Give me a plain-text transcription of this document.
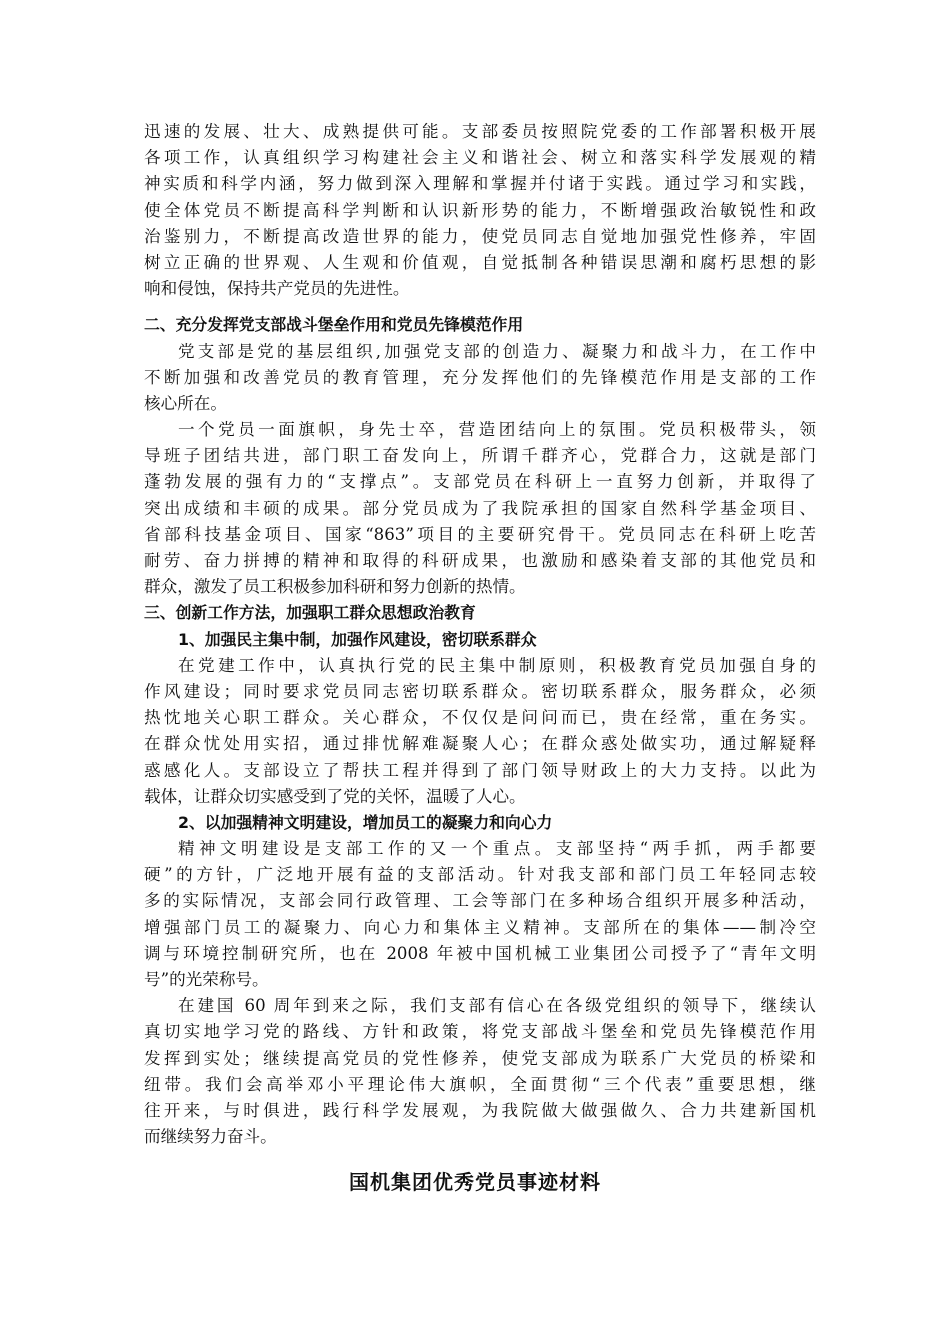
迅速的发展、壮大、成熟提供可能。支部委员按照院党委的工作部署积极开展
各项工作，认真组织学习构建社会主义和谐社会、树立和落实科学发展观的精
神实质和科学内涵，努力做到深入理解和掌握并付诸于实践。通过学习和实践，
使全体党员不断提高科学判断和认识新形势的能力，不断增强政治敏锐性和政
治鉴别力，不断提高改造世界的能力，使党员同志自觉地加强党性修养，牢固
树立正确的世界观、人生观和价值观，自觉抵制各种错误思潮和腐朽思想的影
响和侵蚀，保持共产党员的先进性。
二、充分发挥党支部战斗堡垒作用和党员先锋模范作用
党支部是党的基层组织,加强党支部的创造力、凝聚力和战斗力，在工作中
不断加强和改善党员的教育管理，充分发挥他们的先锋模范作用是支部的工作
核心所在。
一个党员一面旗帜，身先士卒，营造团结向上的氛围。党员积极带头，领
导班子团结共进，部门职工奋发向上，所谓千群齐心，党群合力，这就是部门
蓬勃发展的强有力的“支撑点”。支部党员在科研上一直努力创新，并取得了
突出成绩和丰硕的成果。部分党员成为了我院承担的国家自然科学基金项目、
省部科技基金项目、国家“863”项目的主要研究骨干。党员同志在科研上吃苦
耐劳、奋力拼搏的精神和取得的科研成果，也激励和感染着支部的其他党员和
群众，激发了员工积极参加科研和努力创新的热情。
三、创新工作方法，加强职工群众思想政治教育
1、加强民主集中制，加强作风建设，密切联系群众
在党建工作中，认真执行党的民主集中制原则，积极教育党员加强自身的
作风建设；同时要求党员同志密切联系群众。密切联系群众，服务群众，必须
热忱地关心职工群众。关心群众，不仅仅是问问而已，贵在经常，重在务实。
在群众忧处用实招，通过排忧解难凝聚人心；在群众惑处做实功，通过解疑释
惑感化人。支部设立了帮扶工程并得到了部门领导财政上的大力支持。以此为
载体，让群众切实感受到了党的关怀，温暖了人心。
2、以加强精神文明建设，增加员工的凝聚力和向心力
精神文明建设是支部工作的又一个重点。支部坚持“两手抓，两手都要
硬”的方针，广泛地开展有益的支部活动。针对我支部和部门员工年轻同志较
多的实际情况，支部会同行政管理、工会等部门在多种场合组织开展多种活动，
增强部门员工的凝聚力、向心力和集体主义精神。支部所在的集体——制冷空
调与环境控制研究所，也在 2008 年被中国机械工业集团公司授予了“青年文明
号”的光荣称号。
在建国 60 周年到来之际，我们支部有信心在各级党组织的领导下，继续认
真切实地学习党的路线、方针和政策，将党支部战斗堡垒和党员先锋模范作用
发挥到实处；继续提高党员的党性修养，使党支部成为联系广大党员的桥梁和
纽带。我们会高举邓小平理论伟大旗帜，全面贯彻“三个代表”重要思想，继
往开来，与时俱进，践行科学发展观，为我院做大做强做久、合力共建新国机
而继续努力奋斗。
国机集团优秀党员事迹材料
